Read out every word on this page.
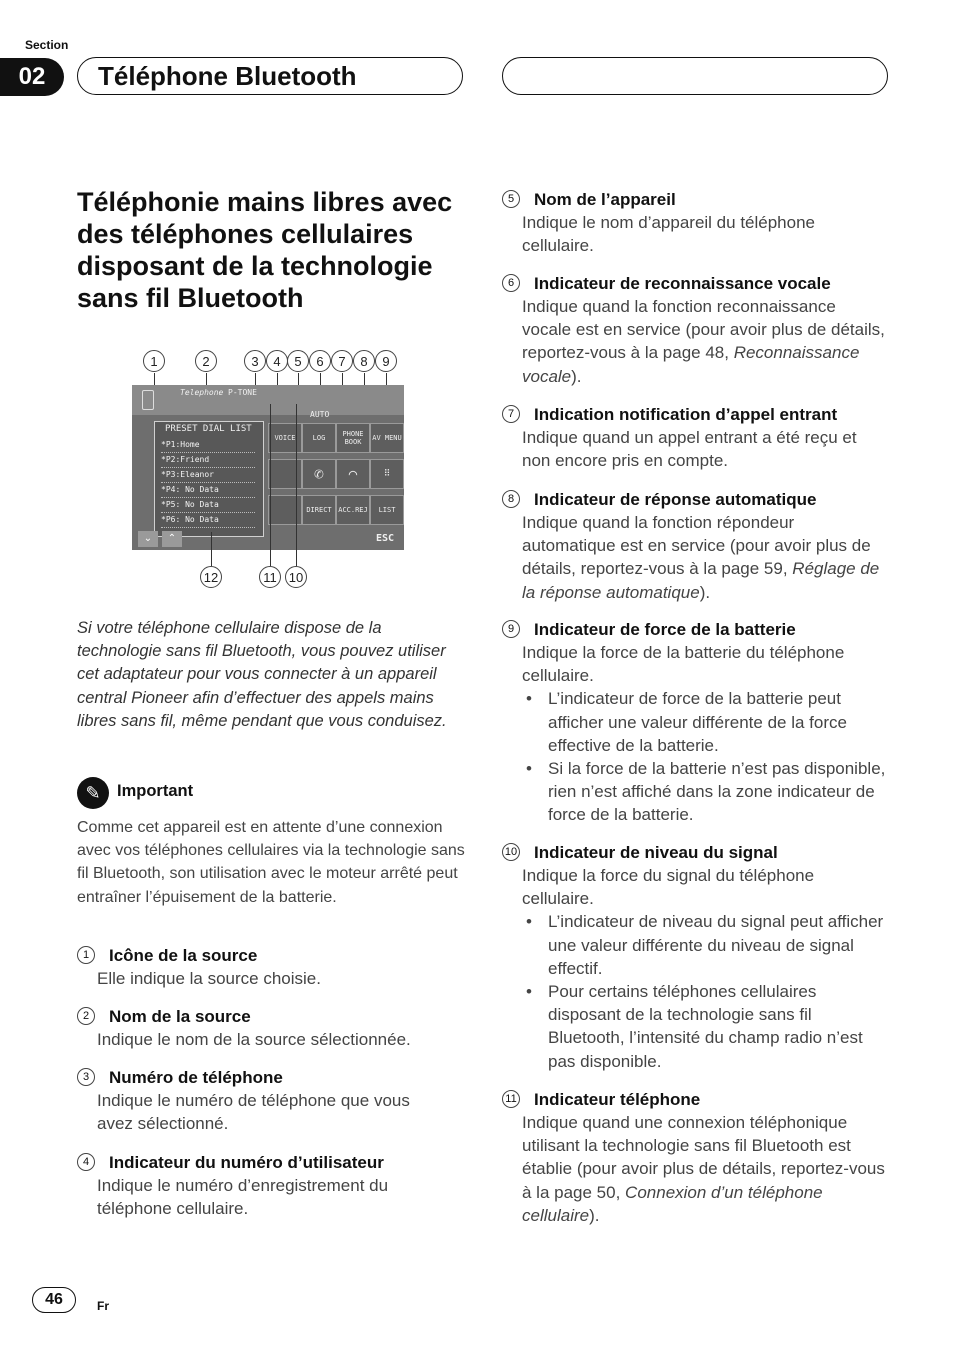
Section
02	Téléphone Bluetooth
Téléphonie mains libres avec des téléphones cellulaires disposant de la technologie sans fil Bluetooth
1	2	3	4	5	6	7	8	9
Telephone P-TONE
AUTO
PRESET DIAL LIST
*P1:Home
*P2:Friend
*P3:Eleanor
*P4: No Data
*P5: No Data
*P6: No Data
VOICE	LOG	PHONE BOOK	AV MENU
✆ ⌒	⠿
DIRECT ACC.REJ	LIST
⌄	⌃	ESC
12	11 10
Si votre téléphone cellulaire dispose de la technologie sans fil Bluetooth, vous pouvez utiliser cet adaptateur pour vous connecter à un appareil central Pioneer afin d’effectuer des appels mains libres sans fil, même pendant que vous conduisez.
✎ Important
Comme cet appareil est en attente d’une connexion avec vos téléphones cellulaires via la technologie sans fil Bluetooth, son utilisation avec le moteur arrêté peut entraîner l’épuisement de la batterie.
1	Icône de la source
Elle indique la source choisie.
2	Nom de la source
Indique le nom de la source sélectionnée.
3	Numéro de téléphone
Indique le numéro de téléphone que vous avez sélectionné.
4	Indicateur du numéro d’utilisateur
Indique le numéro d’enregistrement du téléphone cellulaire.
5	Nom de l’appareil
Indique le nom d’appareil du téléphone cellulaire.
6	Indicateur de reconnaissance vocale
Indique quand la fonction reconnaissance vocale est en service (pour avoir plus de détails, reportez-vous à la page 48, Reconnaissance vocale).
7	Indication notification d’appel entrant
Indique quand un appel entrant a été reçu et non encore pris en compte.
8	Indicateur de réponse automatique
Indique quand la fonction répondeur automatique est en service (pour avoir plus de détails, reportez-vous à la page 59, Réglage de la réponse automatique).
9	Indicateur de force de la batterie
Indique la force de la batterie du téléphone cellulaire.
• L’indicateur de force de la batterie peut afficher une valeur différente de la force effective de la batterie.
• Si la force de la batterie n’est pas disponible, rien n’est affiché dans la zone indicateur de force de la batterie.
10 Indicateur de niveau du signal
Indique la force du signal du téléphone cellulaire.
• L’indicateur de niveau du signal peut afficher une valeur différente du niveau de signal effectif.
• Pour certains téléphones cellulaires disposant de la technologie sans fil Bluetooth, l’intensité du champ radio n’est pas disponible.
11 Indicateur téléphone
Indique quand une connexion téléphonique utilisant la technologie sans fil Bluetooth est établie (pour avoir plus de détails, reportez-vous à la page 50, Connexion d’un téléphone cellulaire).
46	Fr
